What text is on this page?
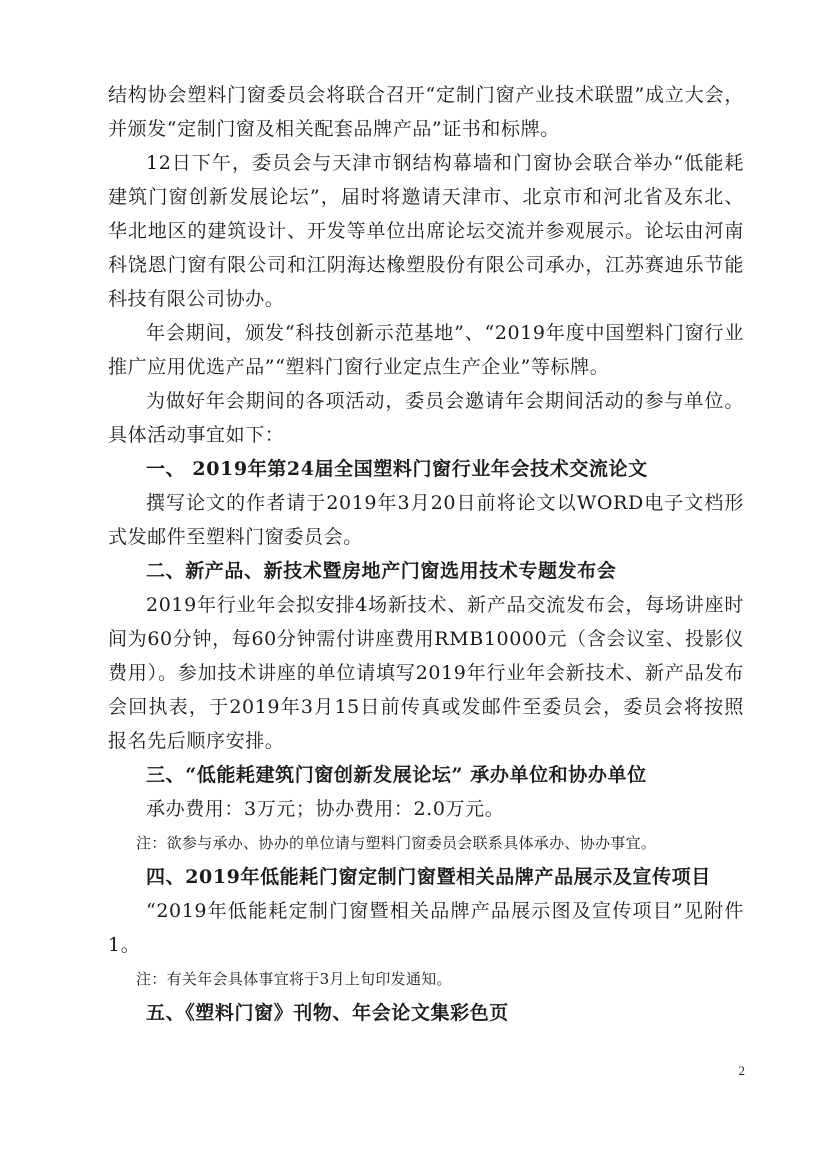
结构协会塑料门窗委员会将联合召开“定制门窗产业技术联盟”成立大会，并颁发“定制门窗及相关配套品牌产品”证书和标牌。

12日下午，委员会与天津市钢结构幕墙和门窗协会联合举办“低能耗建筑门窗创新发展论坛”，届时将邀请天津市、北京市和河北省及东北、华北地区的建筑设计、开发等单位出席论坛交流并参观展示。论坛由河南科饶恩门窗有限公司和江阴海达橡塑股份有限公司承办，江苏赛迪乐节能科技有限公司协办。

年会期间，颁发“科技创新示范基地”、“2019年度中国塑料门窗行业推广应用优选产品”“塑料门窗行业定点生产企业”等标牌。

为做好年会期间的各项活动，委员会邀请年会期间活动的参与单位。具体活动事宜如下：

一、 2019年第24届全国塑料门窗行业年会技术交流论文

撰写论文的作者请于2019年3月20日前将论文以WORD电子文档形式发邮件至塑料门窗委员会。

二、新产品、新技术暨房地产门窗选用技术专题发布会

2019年行业年会拟安排4场新技术、新产品交流发布会，每场讲座时间为60分钟，每60分钟需付讲座费用RMB10000元（含会议室、投影仪费用）。参加技术讲座的单位请填写2019年行业年会新技术、新产品发布会回执表，于2019年3月15日前传真或发邮件至委员会，委员会将按照报名先后顺序安排。

三、“低能耗建筑门窗创新发展论坛” 承办单位和协办单位

承办费用：3万元；协办费用：2.0万元。

注：欲参与承办、协办的单位请与塑料门窗委员会联系具体承办、协办事宜。

四、2019年低能耗门窗定制门窗暨相关品牌产品展示及宣传项目

“2019年低能耗定制门窗暨相关品牌产品展示图及宣传项目”见附件1。

注：有关年会具体事宜将于3月上旬印发通知。

五、《塑料门窗》刊物、年会论文集彩色页

2
